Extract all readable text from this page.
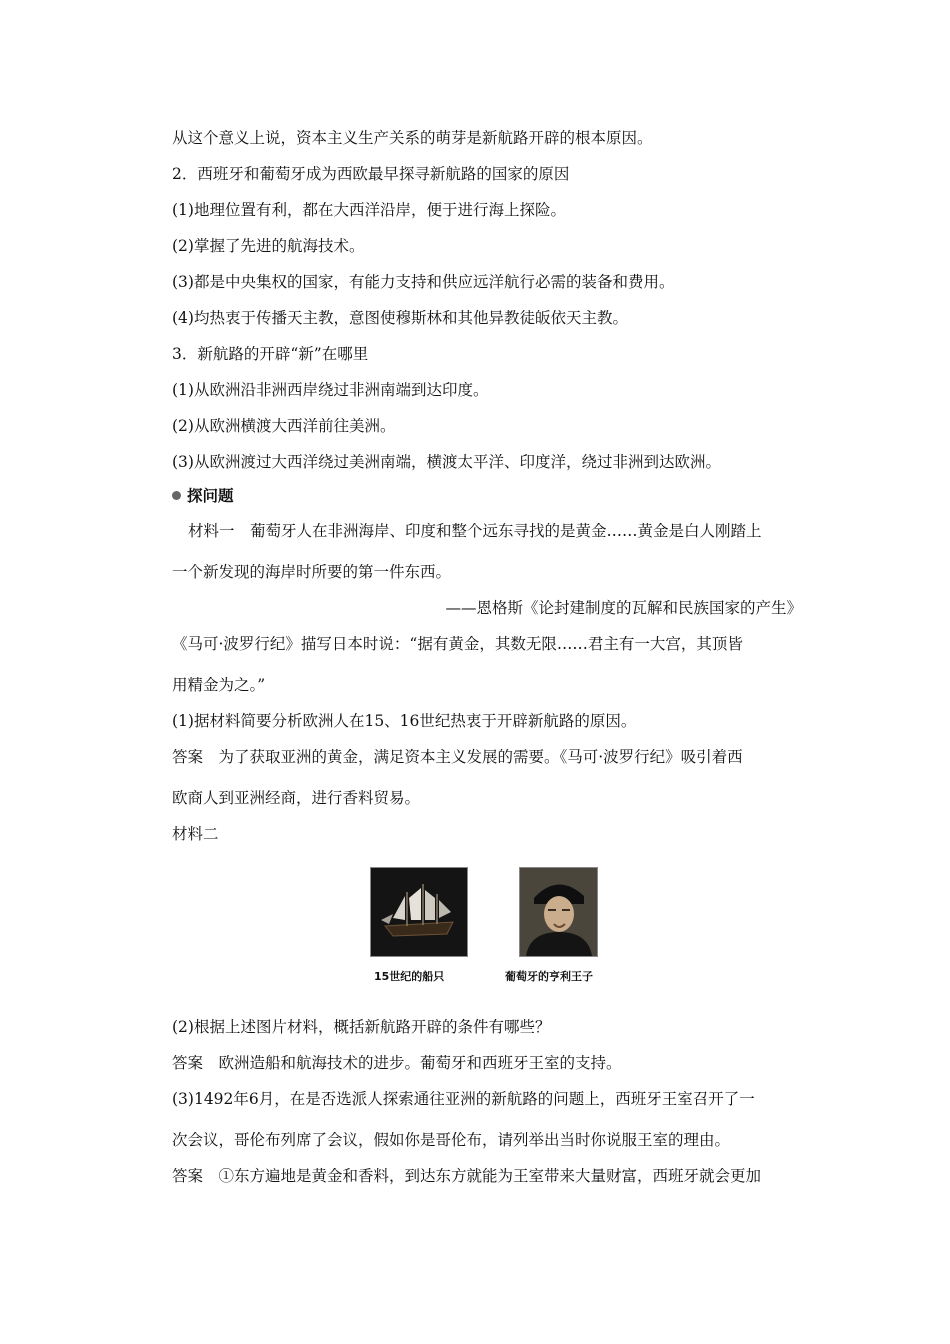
从这个意义上说，资本主义生产关系的萌芽是新航路开辟的根本原因。
2．西班牙和葡萄牙成为西欧最早探寻新航路的国家的原因
(1)地理位置有利，都在大西洋沿岸，便于进行海上探险。
(2)掌握了先进的航海技术。
(3)都是中央集权的国家，有能力支持和供应远洋航行必需的装备和费用。
(4)均热衷于传播天主教，意图使穆斯林和其他异教徒皈依天主教。
3．新航路的开辟“新”在哪里
(1)从欧洲沿非洲西岸绕过非洲南端到达印度。
(2)从欧洲横渡大西洋前往美洲。
(3)从欧洲渡过大西洋绕过美洲南端，横渡太平洋、印度洋，绕过非洲到达欧洲。
探问题
材料一　葡萄牙人在非洲海岸、印度和整个远东寻找的是黄金……黄金是白人刚踏上
一个新发现的海岸时所要的第一件东西。
——恩格斯《论封建制度的瓦解和民族国家的产生》
《马可·波罗行纪》描写日本时说：“据有黄金，其数无限……君主有一大宫，其顶皆
用精金为之。”
(1)据材料简要分析欧洲人在15、16世纪热衷于开辟新航路的原因。
答案　为了获取亚洲的黄金，满足资本主义发展的需要。《马可·波罗行纪》吸引着西
欧商人到亚洲经商，进行香料贸易。
材料二
15世纪的船只	葡萄牙的亨利王子
(2)根据上述图片材料，概括新航路开辟的条件有哪些？
答案　欧洲造船和航海技术的进步。葡萄牙和西班牙王室的支持。
(3)1492年6月，在是否选派人探索通往亚洲的新航路的问题上，西班牙王室召开了一
次会议，哥伦布列席了会议，假如你是哥伦布，请列举出当时你说服王室的理由。
答案　①东方遍地是黄金和香料，到达东方就能为王室带来大量财富，西班牙就会更加
